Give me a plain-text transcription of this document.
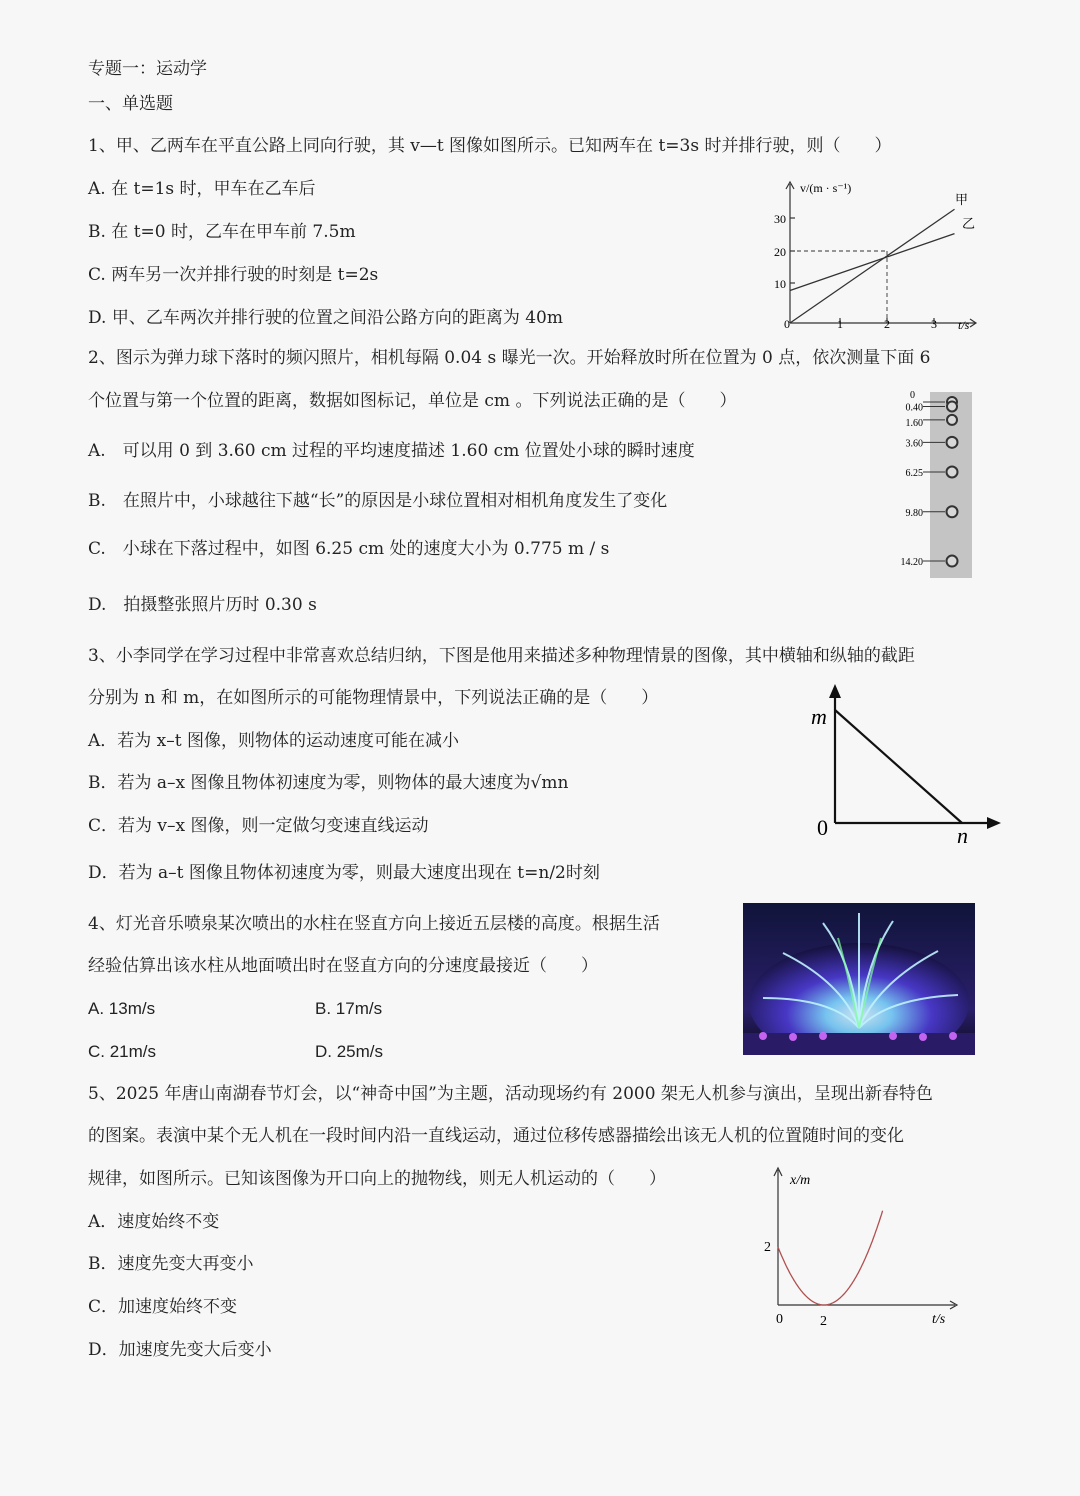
专题一：运动学
一、单选题
1、甲、乙两车在平直公路上同向行驶，其 v—t 图像如图所示。已知两车在 t=3s 时并排行驶，则（　　）
A. 在 t=1s 时，甲车在乙车后
B. 在 t=0 时，乙车在甲车前 7.5m
C. 两车另一次并排行驶的时刻是 t=2s
D. 甲、乙车两次并排行驶的位置之间沿公路方向的距离为 40m
v/(m · s⁻¹)
t/s
10
20
30
0	1	2	3
甲
乙
2、图示为弹力球下落时的频闪照片，相机每隔 0.04 s 曝光一次。开始释放时所在位置为 0 点，依次测量下面 6
个位置与第一个位置的距离，数据如图标记，单位是 cm 。下列说法正确的是（　　）
A.　可以用 0 到 3.60 cm 过程的平均速度描述 1.60 cm 位置处小球的瞬时速度
B.　在照片中，小球越往下越“长”的原因是小球位置相对相机角度发生了变化
C.　小球在下落过程中，如图 6.25 cm 处的速度大小为 0.775 m / s
D.　拍摄整张照片历时 0.30 s
0
0.40
1.60
3.60
6.25
9.80
14.20
3、小李同学在学习过程中非常喜欢总结归纳，下图是他用来描述多种物理情景的图像，其中横轴和纵轴的截距
分别为 n 和 m，在如图所示的可能物理情景中，下列说法正确的是（　　）
A．若为 x–t 图像，则物体的运动速度可能在减小
B．若为 a–x 图像且物体初速度为零，则物体的最大速度为√mn
C．若为 v–x 图像，则一定做匀变速直线运动
D．若为 a–t 图像且物体初速度为零，则最大速度出现在 t=n/2时刻
m
0	n
4、灯光音乐喷泉某次喷出的水柱在竖直方向上接近五层楼的高度。根据生活
经验估算出该水柱从地面喷出时在竖直方向的分速度最接近（　　）
A. 13m/s	B. 17m/s
C. 21m/s	D. 25m/s
5、2025 年唐山南湖春节灯会，以“神奇中国”为主题，活动现场约有 2000 架无人机参与演出，呈现出新春特色
的图案。表演中某个无人机在一段时间内沿一直线运动，通过位移传感器描绘出该无人机的位置随时间的变化
规律，如图所示。已知该图像为开口向上的抛物线，则无人机运动的（　　）
A．速度始终不变
B．速度先变大再变小
C．加速度始终不变
D．加速度先变大后变小
x/m
t/s
2
0	2
